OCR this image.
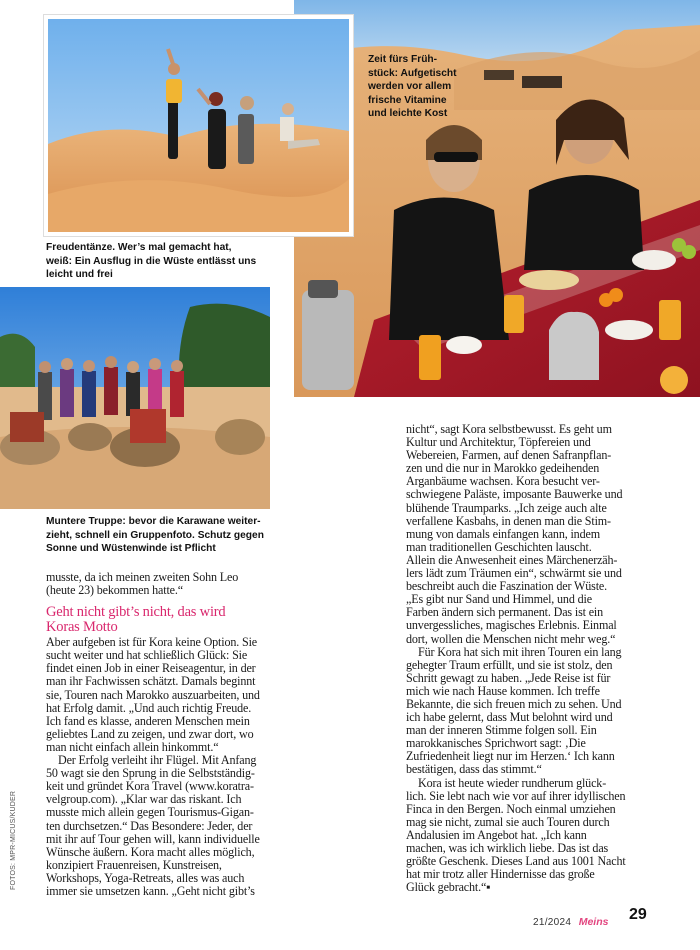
Zeit fürs Früh-
stück: Aufgetischt
werden vor allem
frische Vitamine
und leichte Kost
Freudentänze. Wer’s mal gemacht hat,
weiß: Ein Ausflug in die Wüste entlässt uns
leicht und frei
Muntere Truppe: bevor die Karawane weiter-
zieht, schnell ein Gruppenfoto. Schutz gegen
Sonne und Wüstenwinde ist Pflicht
musste, da ich meinen zweiten Sohn Leo
(heute 23) bekommen hatte.“
Geht nicht gibt’s nicht, das wird
Koras Motto
Aber aufgeben ist für Kora keine Option. Sie
sucht weiter und hat schließlich Glück: Sie
findet einen Job in einer Reiseagentur, in der
man ihr Fachwissen schätzt. Damals beginnt
sie, Touren nach Marokko auszuarbeiten, und
hat Erfolg damit. „Und auch richtig Freude.
Ich fand es klasse, anderen Menschen mein
geliebtes Land zu zeigen, und zwar dort, wo
man nicht einfach allein hinkommt.“
Der Erfolg verleiht ihr Flügel. Mit Anfang
50 wagt sie den Sprung in die Selbstständig-
keit und gründet Kora Travel (www.koratra-
velgroup.com). „Klar war das riskant. Ich
musste mich allein gegen Tourismus-Gigan-
ten durchsetzen.“ Das Besondere: Jeder, der
mit ihr auf Tour gehen will, kann individuelle
Wünsche äußern. Kora macht alles möglich,
konzipiert Frauenreisen, Kunstreisen,
Workshops, Yoga-Retreats, alles was auch
immer sie umsetzen kann. „Geht nicht gibt’s
nicht“, sagt Kora selbstbewusst. Es geht um
Kultur und Architektur, Töpfereien und
Webereien, Farmen, auf denen Safranpflan-
zen und die nur in Marokko gedeihenden
Arganbäume wachsen. Kora besucht ver-
schwiegene Paläste, imposante Bauwerke und
blühende Traumparks. „Ich zeige auch alte
verfallene Kasbahs, in denen man die Stim-
mung von damals einfangen kann, indem
man traditionellen Geschichten lauscht.
Allein die Anwesenheit eines Märchenerzäh-
lers lädt zum Träumen ein“, schwärmt sie und
beschreibt auch die Faszination der Wüste.
„Es gibt nur Sand und Himmel, und die
Farben ändern sich permanent. Das ist ein
unvergessliches, magisches Erlebnis. Einmal
dort, wollen die Menschen nicht mehr weg.“
Für Kora hat sich mit ihren Touren ein lang
gehegter Traum erfüllt, und sie ist stolz, den
Schritt gewagt zu haben. „Jede Reise ist für
mich wie nach Hause kommen. Ich treffe
Bekannte, die sich freuen mich zu sehen. Und
ich habe gelernt, dass Mut belohnt wird und
man der inneren Stimme folgen soll. Ein
marokkanisches Sprichwort sagt: ‚Die
Zufriedenheit liegt nur im Herzen.‘ Ich kann
bestätigen, dass das stimmt.“
Kora ist heute wieder rundherum glück-
lich. Sie lebt nach wie vor auf ihrer idyllischen
Finca in den Bergen. Noch einmal umziehen
mag sie nicht, zumal sie auch Touren durch
Andalusien im Angebot hat. „Ich kann
machen, was ich wirklich liebe. Das ist das
größte Geschenk. Dieses Land aus 1001 Nacht
hat mir trotz aller Hindernisse das große
Glück gebracht.“▪
FOTOS: MPR-MICUS/KUDER
21/2024 Meins 29
